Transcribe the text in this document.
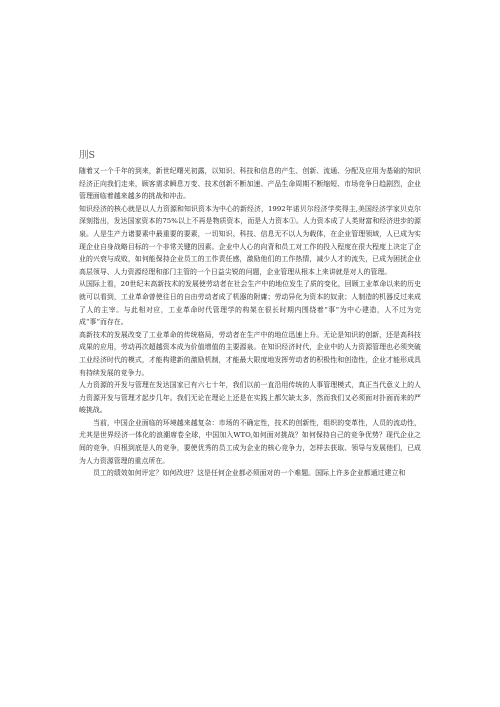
刖S

随着又一个千年的到来，新世纪曙光初露，以知识、科技和信息的产生、创新、流通、分配及应用为基础的知识经济正向我们走来，顾客需求瞬息万变、技术创新不断加速、产品生命周期不断缩短、市场竞争日趋剧烈，企业管理面临着越来越多的挑战和冲击。

知识经济的核心就是以人力资源和知识资本为中心的新经济，1992年诺贝尔经济学奖得主,美国经济学家贝克尔深刻指出，发达国家资本的75%以上不再是物质资本，而是人力资本①。人力资本成了人类财富和经济进步的源泉。人是生产力诸要素中最重要的要素，一切知识、科技、信息无不以人为载体，在企业管理领域，人已成为实现企业自身战略目标的一个非常关键的因素。企业中人心的向背和员工对工作的投入程度在很大程度上决定了企业的兴衰与成败，如何能保持企业员工的工作责任感，激励他们的工作热情，减少人才的流失，已成为困扰企业高层领导、人力资源经理和部门主管的一个日益尖锐的问题，企业管理从根本上来讲就是对人的管理。

从国际上看，20世纪末高新技术的发展使劳动者在社会生产中的地位发生了质的变化，回顾工业革命以来的历史就可以看到，工业革命曾使往日的自由劳动者成了机器的附庸；劳动异化为资本的奴隶；人制造的机器反过来成了人的主宰。与此相对应，工业革命时代管理学的构架在很长时期内围绕着“事”为中心建造，人不过为完成“事”而存在。

高新技术的发展改变了工业革命的传统格局，劳动者在生产中的地位迅速上升。无论是知识的创新，还是高科技成果的应用，劳动再次超越资本成为价值增值的主要源泉。在知识经济时代，企业中的人力资源管理也必须突破工业经济时代的模式，才能构建新的激励机制，才能最大限度地发挥劳动者的积极性和创造性，企业才能形成具有持续发展的竞争力。

人力资源的开发与管理在发达国家已有六七十年，我们以前一直沿用传统的人事管理模式，真正当代意义上的人力资源开发与管理才起步几年。我们无论在理论上还是在实践上都欠缺太多，然而我们又必须面对扑面而来的严峻挑战。

当前，中国企业面临的环境越来越复杂：市场的不确定性，技术的创新性，组织的变革性，人员的流动性，尤其是世界经济一体化的浪潮席卷全球，中国加入WTO,如何面对挑战？如何保持自己的竞争优势？现代企业之间的竞争，归根到底是人的竞争，要使优秀的员工成为企业的核心竞争力，怎样去获取、领导与发展他们，已成为人力资源管理的重点所在。

员工的绩效如何评定？如何改进？这是任何企业都必须面对的一个难题。国际上许多企业都通过建立和
